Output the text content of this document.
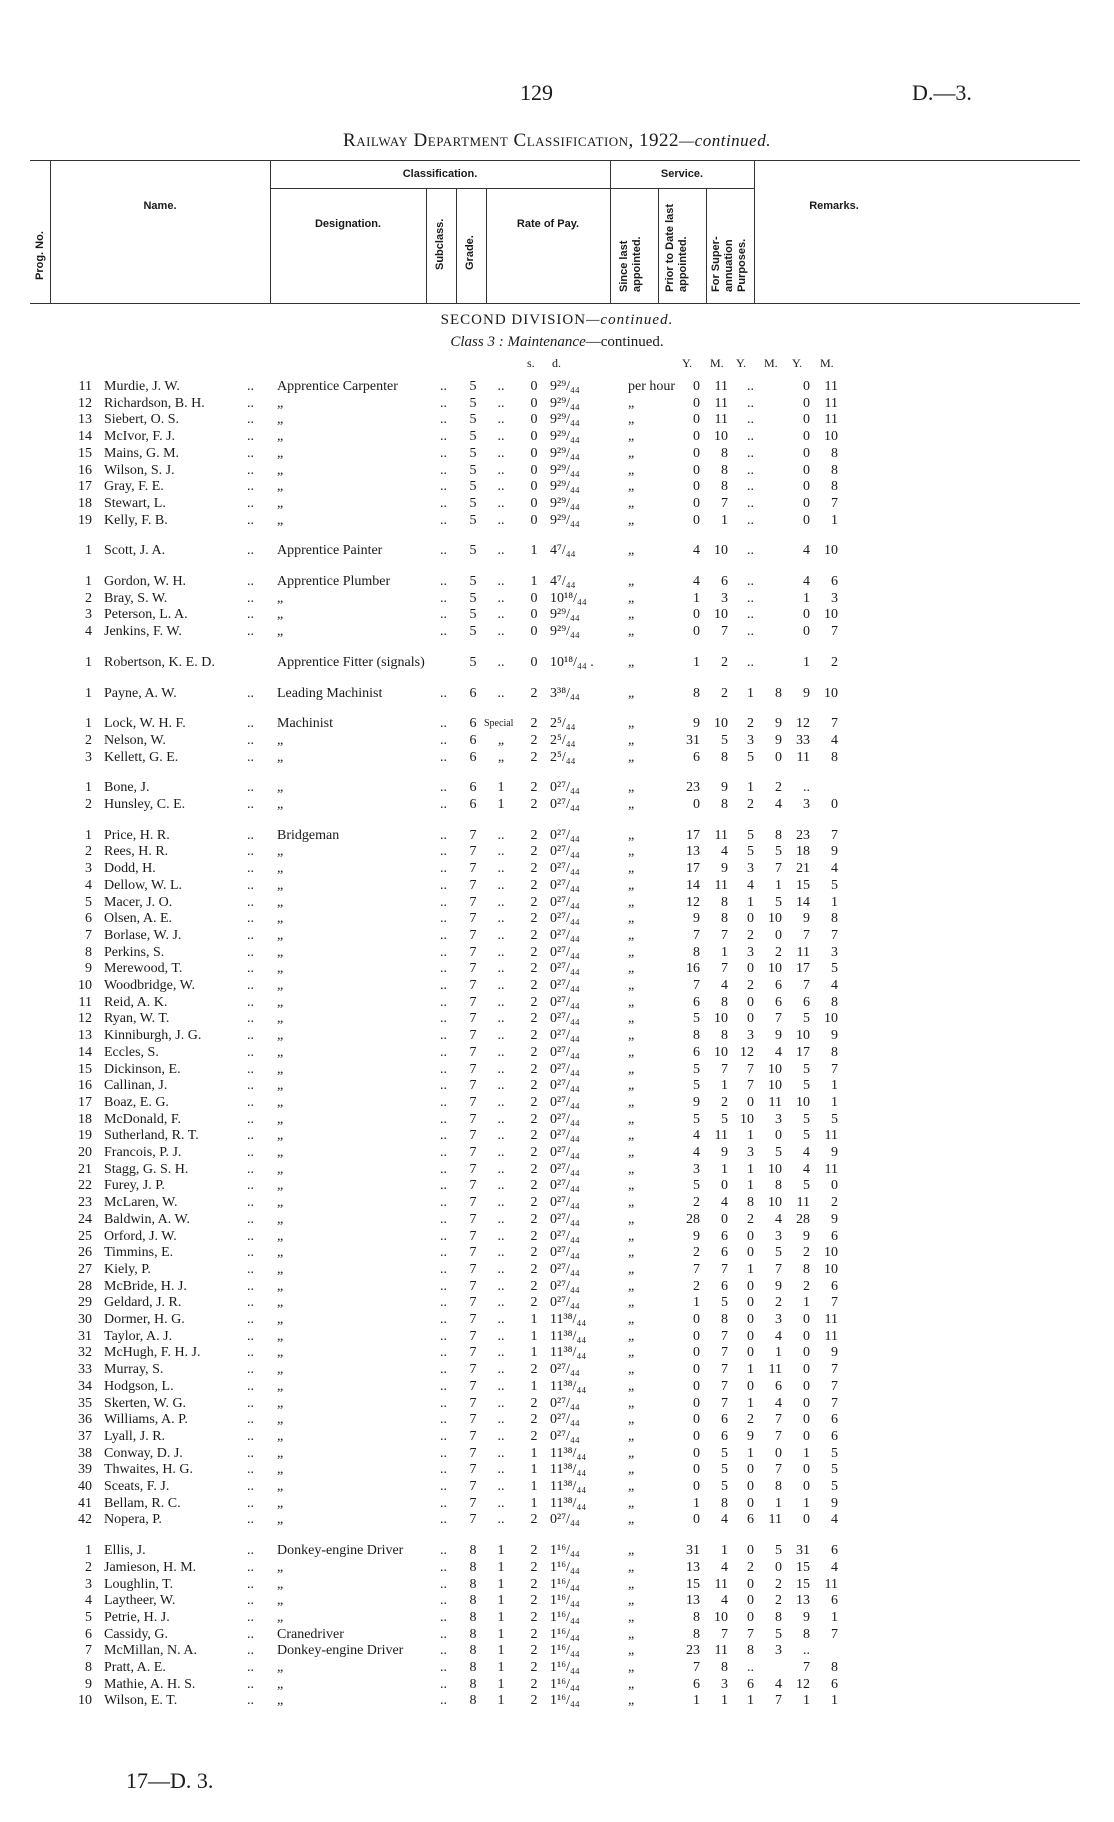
129	D.—3.
Railway Department Classification, 1922—continued.
Prog. No.
Name.
Classification.
Designation.	Subclass. Grade.
Rate of Pay.
Service.
Since last appointed.	Prior to Date last appointed.	For Super-annuation Purposes.
Remarks.
SECOND DIVISION—continued.
Class 3 : Maintenance—continued.
s. d.	Y. M. Y. M. Y. M.
11 Murdie, J. W.	.. Apprentice Carpenter	.. 5	..	0 9²⁹/₄₄	per hour	0	11	..	0	11
12 Richardson, B. H.	.. „	.. 5	..	0 9²⁹/₄₄	„	0	11	..	0	11
13 Siebert, O. S.	.. „	.. 5	..	0 9²⁹/₄₄	„	0	11	..	0	11
14 McIvor, F. J.	.. „	.. 5	..	0 9²⁹/₄₄	„	0	10	..	0	10
15 Mains, G. M.	.. „	.. 5	..	0 9²⁹/₄₄	„	0	8	..	0	8
16 Wilson, S. J.	.. „	.. 5	..	0 9²⁹/₄₄	„	0	8	..	0	8
17 Gray, F. E.	.. „	.. 5	..	0 9²⁹/₄₄	„	0	8	..	0	8
18 Stewart, L.	.. „	.. 5	..	0 9²⁹/₄₄	„	0	7	..	0	7
19 Kelly, F. B.	.. „	.. 5	..	0 9²⁹/₄₄	„	0	1	..	0	1
1 Scott, J. A.	.. Apprentice Painter	.. 5	..	1 4⁷/₄₄	„	4	10	..	4	10
1 Gordon, W. H.	.. Apprentice Plumber	.. 5	..	1 4⁷/₄₄	„	4	6	..	4	6
2 Bray, S. W.	.. „	.. 5	..	0 10¹⁸/₄₄	„	1	3	..	1	3
3 Peterson, L. A.	.. „	.. 5	..	0 9²⁹/₄₄	„	0	10	..	0	10
4 Jenkins, F. W.	.. „	.. 5	..	0 9²⁹/₄₄	„	0	7	..	0	7
1 Robertson, K. E. D.	Apprentice Fitter (signals)	5	..	0 10¹⁸/₄₄ . „	1	2	..	1	2
1 Payne, A. W.	.. Leading Machinist	.. 6	..	2 3³⁸/₄₄	„	8	2	1	8	9	10
1 Lock, W. H. F.	.. Machinist	.. 6 Special 2 2⁵/₄₄	„	9	10	2	9	12	7
2 Nelson, W.	.. „	.. 6	„	2 2⁵/₄₄	„	31	5	3	9	33	4
3 Kellett, G. E.	.. „	.. 6	„	2 2⁵/₄₄	„	6	8	5	0	11	8
1 Bone, J.	.. „	.. 6	1	2 0²⁷/₄₄	„	23	9	1	2	..
2 Hunsley, C. E.	.. „	.. 6	1	2 0²⁷/₄₄	„	0	8	2	4	3	0
1 Price, H. R.	.. Bridgeman	.. 7	..	2 0²⁷/₄₄	„	17	11	5	8	23	7
2 Rees, H. R.	.. „	.. 7	..	2 0²⁷/₄₄	„	13	4	5	5	18	9
3 Dodd, H.	.. „	.. 7	..	2 0²⁷/₄₄	„	17	9	3	7	21	4
4 Dellow, W. L.	.. „	.. 7	..	2 0²⁷/₄₄	„	14	11	4	1	15	5
5 Macer, J. O.	.. „	.. 7	..	2 0²⁷/₄₄	„	12	8	1	5	14	1
6 Olsen, A. E.	.. „	.. 7	..	2 0²⁷/₄₄	„	9	8	0	10	9	8
7 Borlase, W. J.	.. „	.. 7	..	2 0²⁷/₄₄	„	7	7	2	0	7	7
8 Perkins, S.	.. „	.. 7	..	2 0²⁷/₄₄	„	8	1	3	2	11	3
9 Merewood, T.	.. „	.. 7	..	2 0²⁷/₄₄	„	16	7	0	10	17	5
10 Woodbridge, W.	.. „	.. 7	..	2 0²⁷/₄₄	„	7	4	2	6	7	4
11 Reid, A. K.	.. „	.. 7	..	2 0²⁷/₄₄	„	6	8	0	6	6	8
12 Ryan, W. T.	.. „	.. 7	..	2 0²⁷/₄₄	„	5	10	0	7	5	10
13 Kinniburgh, J. G.	.. „	.. 7	..	2 0²⁷/₄₄	„	8	8	3	9	10	9
14 Eccles, S.	.. „	.. 7	..	2 0²⁷/₄₄	„	6	10 12	4	17	8
15 Dickinson, E.	.. „	.. 7	..	2 0²⁷/₄₄	„	5	7	7	10	5	7
16 Callinan, J.	.. „	.. 7	..	2 0²⁷/₄₄	„	5	1	7	10	5	1
17 Boaz, E. G.	.. „	.. 7	..	2 0²⁷/₄₄	„	9	2	0	11	10	1
18 McDonald, F.	.. „	.. 7	..	2 0²⁷/₄₄	„	5	5 10	3	5	5
19 Sutherland, R. T.	.. „	.. 7	..	2 0²⁷/₄₄	„	4	11	1	0	5	11
20 Francois, P. J.	.. „	.. 7	..	2 0²⁷/₄₄	„	4	9	3	5	4	9
21 Stagg, G. S. H.	.. „	.. 7	..	2 0²⁷/₄₄	„	3	1	1	10	4	11
22 Furey, J. P.	.. „	.. 7	..	2 0²⁷/₄₄	„	5	0	1	8	5	0
23 McLaren, W.	.. „	.. 7	..	2 0²⁷/₄₄	„	2	4	8	10	11	2
24 Baldwin, A. W.	.. „	.. 7	..	2 0²⁷/₄₄	„	28	0	2	4	28	9
25 Orford, J. W.	.. „	.. 7	..	2 0²⁷/₄₄	„	9	6	0	3	9	6
26 Timmins, E.	.. „	.. 7	..	2 0²⁷/₄₄	„	2	6	0	5	2	10
27 Kiely, P.	.. „	.. 7	..	2 0²⁷/₄₄	„	7	7	1	7	8	10
28 McBride, H. J.	.. „	.. 7	..	2 0²⁷/₄₄	„	2	6	0	9	2	6
29 Geldard, J. R.	.. „	.. 7	..	2 0²⁷/₄₄	„	1	5	0	2	1	7
30 Dormer, H. G.	.. „	.. 7	..	1 11³⁸/₄₄	„	0	8	0	3	0	11
31 Taylor, A. J.	.. „	.. 7	..	1 11³⁸/₄₄	„	0	7	0	4	0	11
32 McHugh, F. H. J.	.. „	.. 7	..	1 11³⁸/₄₄	„	0	7	0	1	0	9
33 Murray, S.	.. „	.. 7	..	2 0²⁷/₄₄	„	0	7	1	11	0	7
34 Hodgson, L.	.. „	.. 7	..	1 11³⁸/₄₄	„	0	7	0	6	0	7
35 Skerten, W. G.	.. „	.. 7	..	2 0²⁷/₄₄	„	0	7	1	4	0	7
36 Williams, A. P.	.. „	.. 7	..	2 0²⁷/₄₄	„	0	6	2	7	0	6
37 Lyall, J. R.	.. „	.. 7	..	2 0²⁷/₄₄	„	0	6	9	7	0	6
38 Conway, D. J.	.. „	.. 7	..	1 11³⁸/₄₄	„	0	5	1	0	1	5
39 Thwaites, H. G.	.. „	.. 7	..	1 11³⁸/₄₄	„	0	5	0	7	0	5
40 Sceats, F. J.	.. „	.. 7	..	1 11³⁸/₄₄	„	0	5	0	8	0	5
41 Bellam, R. C.	.. „	.. 7	..	1 11³⁸/₄₄	„	1	8	0	1	1	9
42 Nopera, P.	.. „	.. 7	..	2 0²⁷/₄₄	„	0	4	6	11	0	4
1 Ellis, J.	.. Donkey-engine Driver	.. 8	1	2 1¹⁶/₄₄	„	31	1	0	5	31	6
2 Jamieson, H. M.	.. „	.. 8	1	2 1¹⁶/₄₄	„	13	4	2	0	15	4
3 Loughlin, T.	.. „	.. 8	1	2 1¹⁶/₄₄	„	15	11	0	2	15	11
4 Laytheer, W.	.. „	.. 8	1	2 1¹⁶/₄₄	„	13	4	0	2	13	6
5 Petrie, H. J.	.. „	.. 8	1	2 1¹⁶/₄₄	„	8	10	0	8	9	1
6 Cassidy, G.	.. Cranedriver	.. 8	1	2 1¹⁶/₄₄	„	8	7	7	5	8	7
7 McMillan, N. A.	.. Donkey-engine Driver	.. 8	1	2 1¹⁶/₄₄	„	23	11	8	3	..
8 Pratt, A. E.	.. „	.. 8	1	2 1¹⁶/₄₄	„	7	8	..	7	8
9 Mathie, A. H. S.	.. „	.. 8	1	2 1¹⁶/₄₄	„	6	3	6	4	12	6
10 Wilson, E. T.	.. „	.. 8	1	2 1¹⁶/₄₄	„	1	1	1	7	1	1
17—D. 3.
